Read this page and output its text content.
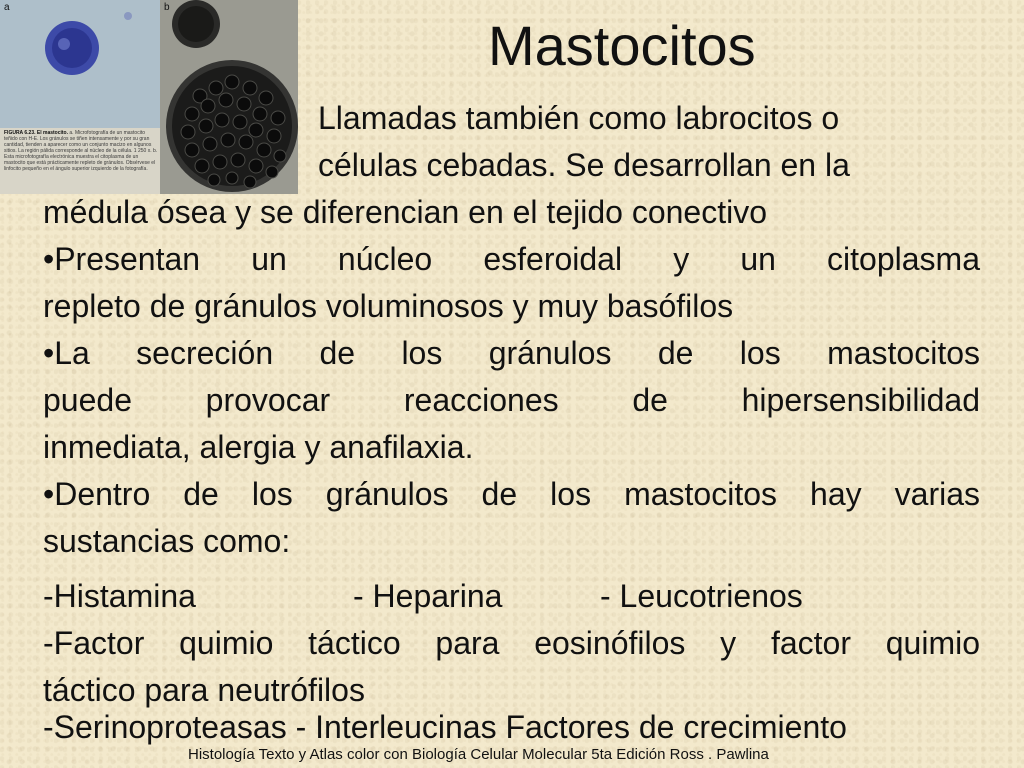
a	b
FIGURA 6.23. El mastocito. a. Microfotografía de un mastocito teñido con H-E. Los gránulos se tiñen intensamente y por su gran cantidad, tienden a aparecer como un conjunto macizo en algunos sitios. La región pálida corresponde al núcleo de la célula. 1 250 x. b. Esta microfotografía electrónica muestra el citoplasma de un mastocito que está prácticamente repleto de gránulos. Obsérvese el linfocito pequeño en el ángulo superior izquierdo de la fotografía.
Mastocitos

Llamadas también como labrocitos o

células cebadas. Se desarrollan en la

médula ósea y se diferencian en el tejido conectivo

•Presentan un núcleo esferoidal y un citoplasma

repleto de gránulos voluminosos y muy basófilos

•La secreción de los gránulos de los mastocitos

puede provocar reacciones de hipersensibilidad

inmediata, alergia y anafilaxia.

•Dentro de los gránulos de los mastocitos hay varias

sustancias como:

-Histamina	- Heparina	- Leucotrienos

-Factor quimio táctico para eosinófilos y factor quimio

táctico para neutrófilos

-Serinoproteasas - Interleucinas Factores de crecimiento

Histología Texto y Atlas color con Biología Celular Molecular 5ta Edición Ross . Pawlina
